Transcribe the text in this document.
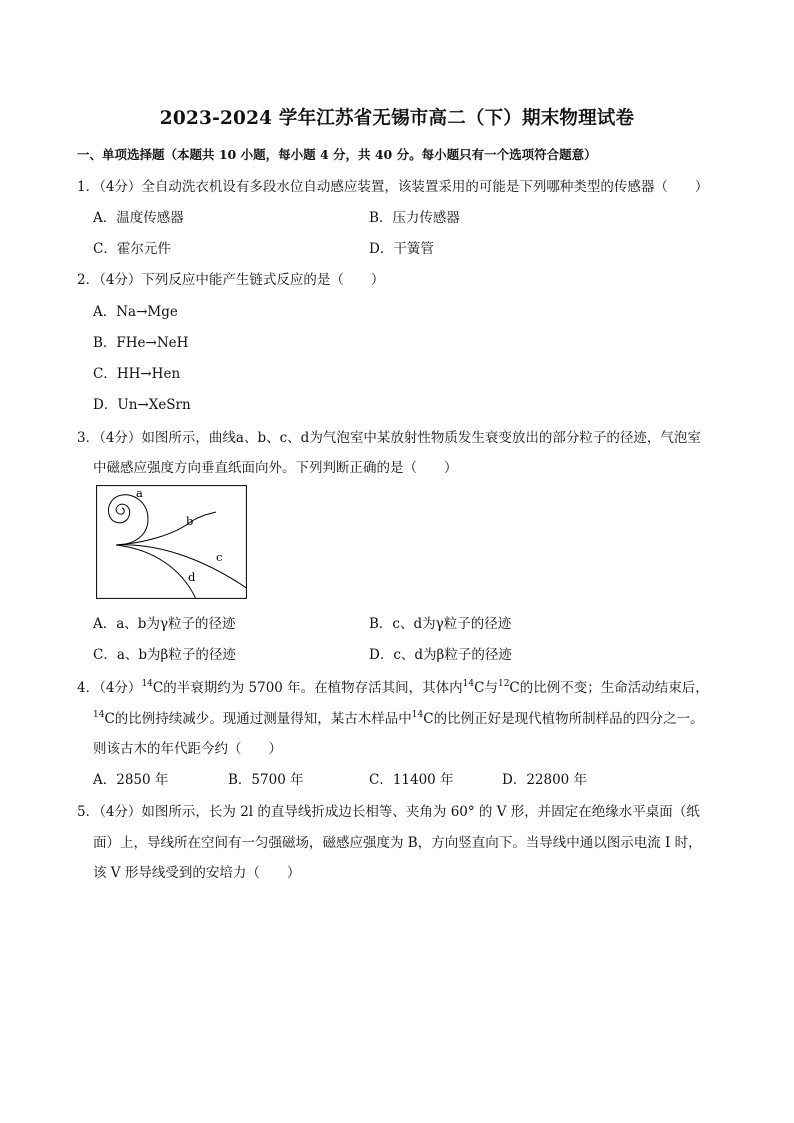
2023-2024 学年江苏省无锡市高二（下）期末物理试卷
一、单项选择题（本题共 10 小题，每小题 4 分，共 40 分。每小题只有一个选项符合题意）
1．（4分）全自动洗衣机设有多段水位自动感应装置，该装置采用的可能是下列哪种类型的传感器（　　）
A．温度传感器	B．压力传感器
C．霍尔元件	D．干簧管
2．（4分）下列反应中能产生链式反应的是（　　）
A．Na→Mge
B．FHe→NeH
C．HH→Hen
D．Un→XeSrn
3．（4分）如图所示，曲线a、b、c、d为气泡室中某放射性物质发生衰变放出的部分粒子的径迹，气泡室
中磁感应强度方向垂直纸面向外。下列判断正确的是（　　）
a
b
c
d
A．a、b为γ粒子的径迹	B．c、d为γ粒子的径迹
C．a、b为β粒子的径迹	D．c、d为β粒子的径迹
4．（4分）$^{14}$C的半衰期约为 5700 年。在植物存活其间，其体内$^{14}$C与$^{12}$C的比例不变；生命活动结束后，
$^{14}$C的比例持续减少。现通过测量得知，某古木样品中$^{14}$C的比例正好是现代植物所制样品的四分之一。
则该古木的年代距今约（　　）
A．2850 年	B．5700 年	C．11400 年	D．22800 年
5．（4分）如图所示，长为 2l 的直导线折成边长相等、夹角为 60° 的 V 形，并固定在绝缘水平桌面（纸
面）上，导线所在空间有一匀强磁场，磁感应强度为 B，方向竖直向下。当导线中通以图示电流 I 时，
该 V 形导线受到的安培力（　　）
